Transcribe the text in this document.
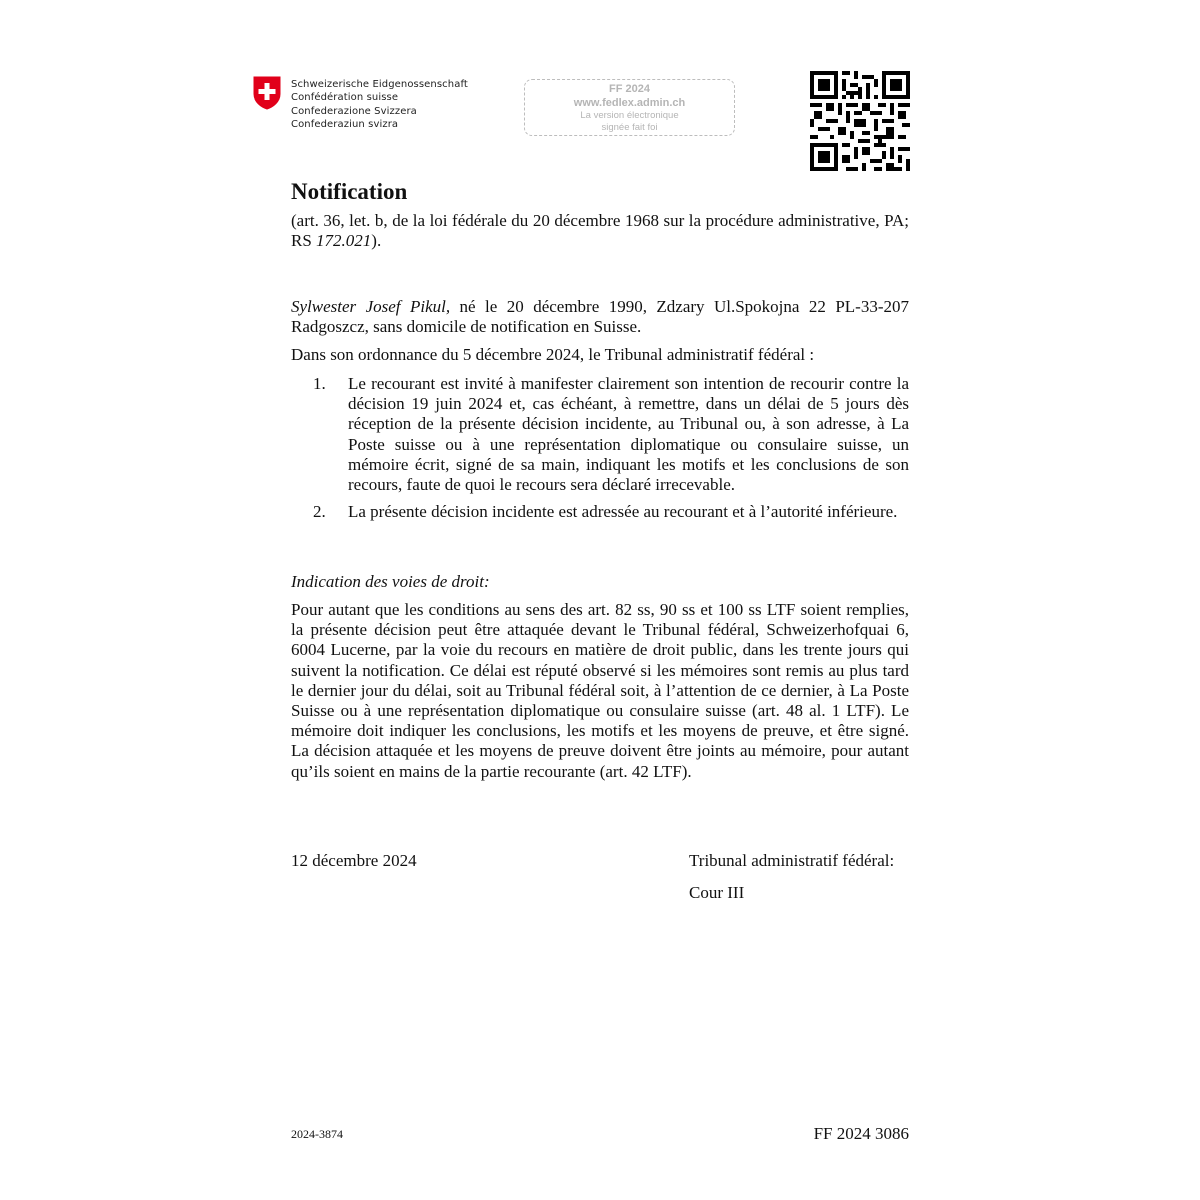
Schweizerische Eidgenossenschaft
Confédération suisse
Confederazione Svizzera
Confederaziun svizra
FF 2024
www.fedlex.admin.ch
La version électronique
signée fait foi
Notification
(art. 36, let. b, de la loi fédérale du 20 décembre 1968 sur la procédure administrative, PA; RS 172.021).
Sylwester Josef Pikul, né le 20 décembre 1990, Zdzary Ul.Spokojna 22 PL-33-207 Radgoszcz, sans domicile de notification en Suisse.
Dans son ordonnance du 5 décembre 2024, le Tribunal administratif fédéral :
1. Le recourant est invité à manifester clairement son intention de recourir contre la décision 19 juin 2024 et, cas échéant, à remettre, dans un délai de 5 jours dès réception de la présente décision incidente, au Tribunal ou, à son adresse, à La Poste suisse ou à une représentation diplomatique ou consulaire suisse, un mémoire écrit, signé de sa main, indiquant les motifs et les conclusions de son recours, faute de quoi le recours sera déclaré irrecevable.
2. La présente décision incidente est adressée au recourant et à l’autorité inférieure.
Indication des voies de droit:
Pour autant que les conditions au sens des art. 82 ss, 90 ss et 100 ss LTF soient remplies, la présente décision peut être attaquée devant le Tribunal fédéral, Schweizerhofquai 6, 6004 Lucerne, par la voie du recours en matière de droit public, dans les trente jours qui suivent la notification. Ce délai est réputé observé si les mémoires sont remis au plus tard le dernier jour du délai, soit au Tribunal fédéral soit, à l’attention de ce dernier, à La Poste Suisse ou à une représentation diplomatique ou consulaire suisse (art. 48 al. 1 LTF). Le mémoire doit indiquer les conclusions, les motifs et les moyens de preuve, et être signé. La décision attaquée et les moyens de preuve doivent être joints au mémoire, pour autant qu’ils soient en mains de la partie recourante (art. 42 LTF).
12 décembre 2024	Tribunal administratif fédéral:
Cour III
2024-3874	FF 2024 3086
